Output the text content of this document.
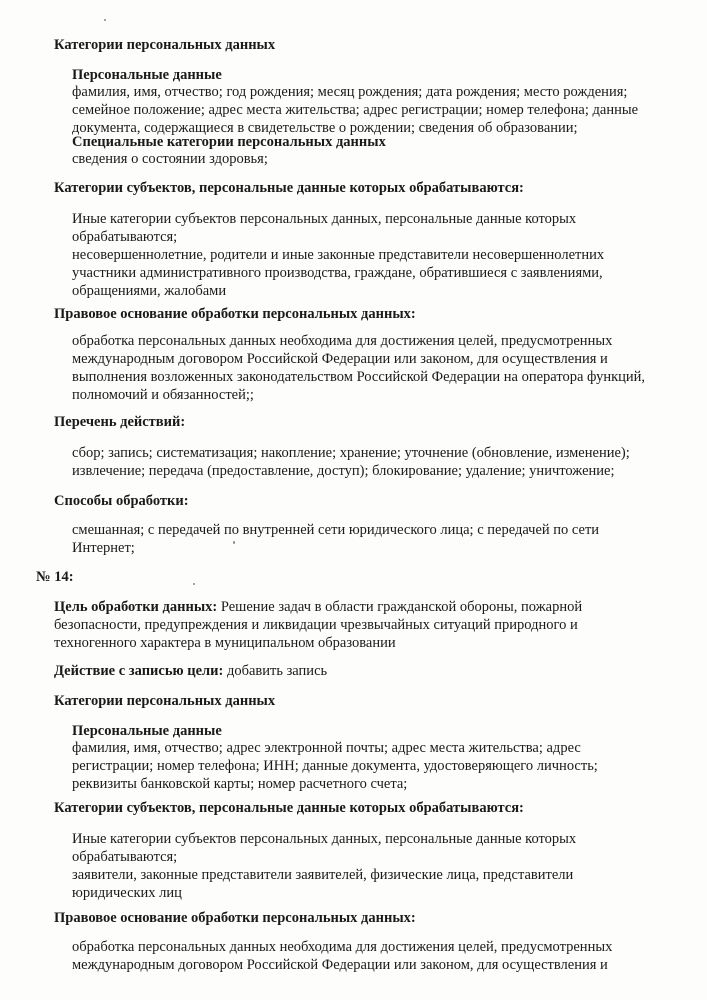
Категории персональных данных
Персональные данные
фамилия, имя, отчество; год рождения; месяц рождения; дата рождения; место рождения;
семейное положение; адрес места жительства; адрес регистрации; номер телефона; данные
документа, содержащиеся в свидетельстве о рождении; сведения об образовании;
Специальные категории персональных данных
сведения о состоянии здоровья;
Категории субъектов, персональные данные которых обрабатываются:
Иные категории субъектов персональных данных, персональные данные которых
обрабатываются;
несовершеннолетние, родители и иные законные представители несовершеннолетних
участники административного производства, граждане, обратившиеся с заявлениями,
обращениями, жалобами
Правовое основание обработки персональных данных:
обработка персональных данных необходима для достижения целей, предусмотренных
международным договором Российской Федерации или законом, для осуществления и
выполнения возложенных законодательством Российской Федерации на оператора функций,
полномочий и обязанностей;;
Перечень действий:
сбор; запись; систематизация; накопление; хранение; уточнение (обновление, изменение);
извлечение; передача (предоставление, доступ); блокирование; удаление; уничтожение;
Способы обработки:
смешанная; с передачей по внутренней сети юридического лица; с передачей по сети
Интернет;
№ 14:
Цель обработки данных: Решение задач в области гражданской обороны, пожарной
безопасности, предупреждения и ликвидации чрезвычайных ситуаций природного и
техногенного характера в муниципальном образовании
Действие с записью цели: добавить запись
Категории персональных данных
Персональные данные
фамилия, имя, отчество; адрес электронной почты; адрес места жительства; адрес
регистрации; номер телефона; ИНН; данные документа, удостоверяющего личность;
реквизиты банковской карты; номер расчетного счета;
Категории субъектов, персональные данные которых обрабатываются:
Иные категории субъектов персональных данных, персональные данные которых
обрабатываются;
заявители, законные представители заявителей, физические лица, представители
юридических лиц
Правовое основание обработки персональных данных:
обработка персональных данных необходима для достижения целей, предусмотренных
международным договором Российской Федерации или законом, для осуществления и
